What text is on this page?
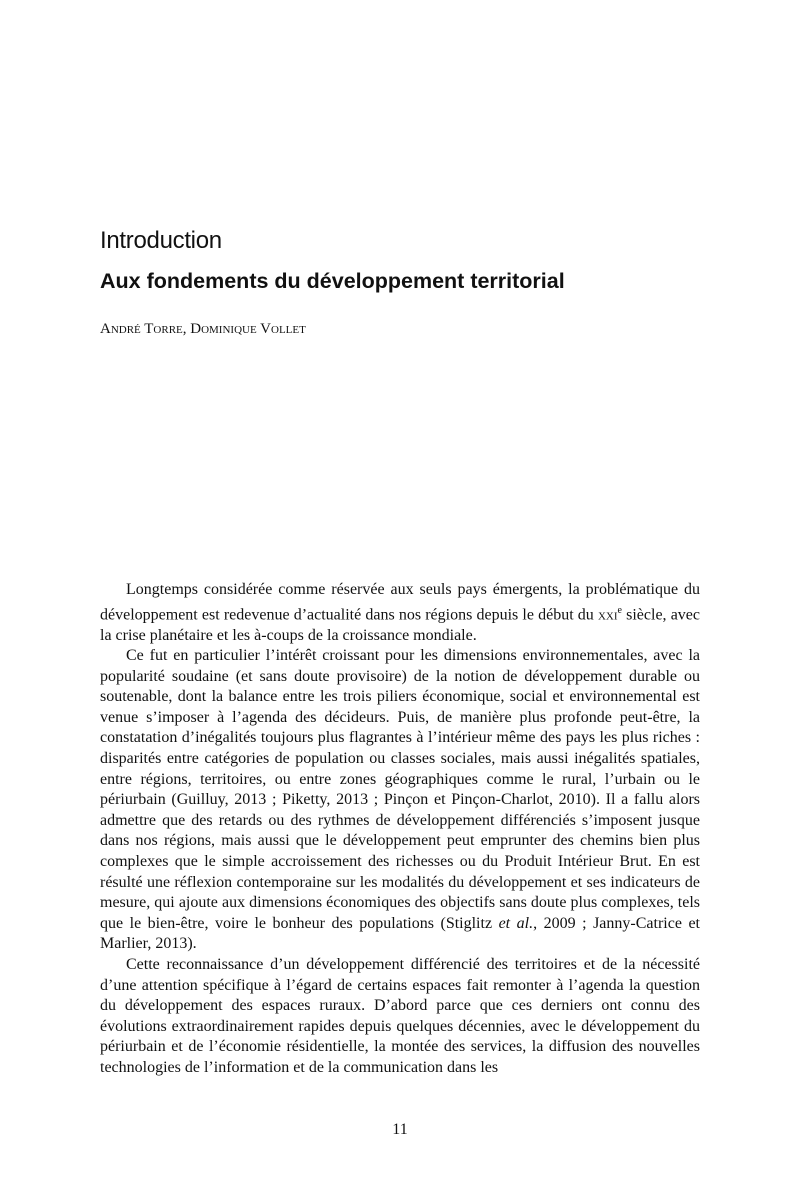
Introduction
Aux fondements du développement territorial
André Torre, Dominique Vollet

Longtemps considérée comme réservée aux seuls pays émergents, la problématique du développement est redevenue d’actualité dans nos régions depuis le début du xxi$^e$ siècle, avec la crise planétaire et les à-coups de la croissance mondiale.

Ce fut en particulier l’intérêt croissant pour les dimensions environnementales, avec la popularité soudaine (et sans doute provisoire) de la notion de développement durable ou soutenable, dont la balance entre les trois piliers économique, social et environnemental est venue s’imposer à l’agenda des décideurs. Puis, de manière plus profonde peut-être, la constatation d’inégalités toujours plus flagrantes à l’intérieur même des pays les plus riches : disparités entre catégories de population ou classes sociales, mais aussi inégalités spatiales, entre régions, territoires, ou entre zones géographiques comme le rural, l’urbain ou le périurbain (Guilluy, 2013 ; Piketty, 2013 ; Pinçon et Pinçon-Charlot, 2010). Il a fallu alors admettre que des retards ou des rythmes de développement différenciés s’imposent jusque dans nos régions, mais aussi que le développement peut emprunter des chemins bien plus complexes que le simple accroissement des richesses ou du Produit Intérieur Brut. En est résulté une réflexion contemporaine sur les modalités du développement et ses indicateurs de mesure, qui ajoute aux dimensions économiques des objectifs sans doute plus complexes, tels que le bien-être, voire le bonheur des populations (Stiglitz et al., 2009 ; Janny-Catrice et Marlier, 2013).

Cette reconnaissance d’un développement différencié des territoires et de la nécessité d’une attention spécifique à l’égard de certains espaces fait remonter à l’agenda la question du développement des espaces ruraux. D’abord parce que ces derniers ont connu des évolutions extraordinairement rapides depuis quelques décennies, avec le développement du périurbain et de l’économie résidentielle, la montée des services, la diffusion des nouvelles technologies de l’information et de la communication dans les

11
